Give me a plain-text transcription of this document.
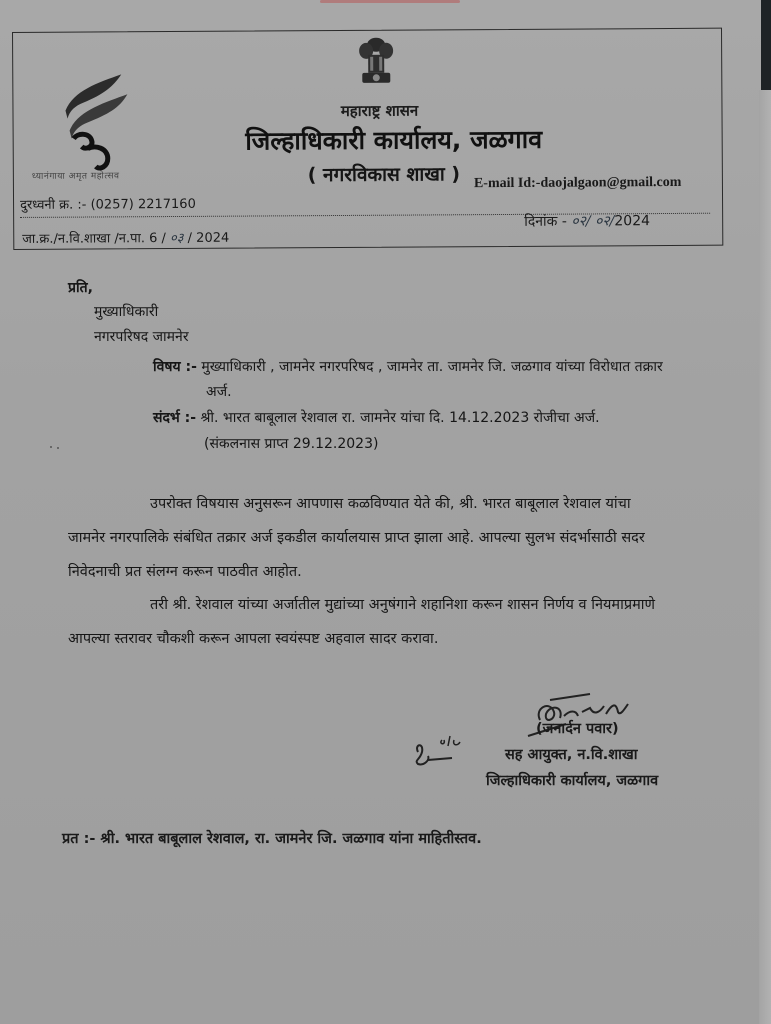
ध्यानंगाया अमृत महोत्सव
महाराष्ट्र शासन
जिल्हाधिकारी कार्यालय, जळगाव
( नगरविकास शाखा ) E-mail Id:-daojalgaon@gmail.com
दुरध्वनी क्र. :- (0257) 2217160
जा.क्र./न.वि.शाखा /न.पा. 6 / ०३ / 2024
दिनांक - ०२/ ०२/2024
प्रति,
मुख्याधिकारी
नगरपरिषद जामनेर
विषय :- मुख्याधिकारी , जामनेर नगरपरिषद , जामनेर ता. जामनेर जि. जळगाव यांच्या विरोधात तक्रार
अर्ज.
संदर्भ :- श्री. भारत बाबूलाल रेशवाल रा. जामनेर यांचा दि. 14.12.2023 रोजीचा अर्ज.
(संकलनास प्राप्त 29.12.2023)
उपरोक्त विषयास अनुसरून आपणास कळविण्यात येते की, श्री. भारत बाबूलाल रेशवाल यांचा
जामनेर नगरपालिके संबंधित तक्रार अर्ज इकडील कार्यालयास प्राप्त झाला आहे. आपल्या सुलभ संदर्भासाठी सदर
निवेदनाची प्रत संलग्न करून पाठवीत आहोत.
तरी श्री. रेशवाल यांच्या अर्जातील मुद्यांच्या अनुषंगाने शहानिशा करून शासन निर्णय व नियमाप्रमाणे
आपल्या स्तरावर चौकशी करून आपला स्वयंस्पष्ट अहवाल सादर करावा.
(जनार्दन पवार)
सह आयुक्त, न.वि.शाखा
जिल्हाधिकारी कार्यालय, जळगाव
प्रत :- श्री. भारत बाबूलाल रेशवाल, रा. जामनेर जि. जळगाव यांना माहितीस्तव.
